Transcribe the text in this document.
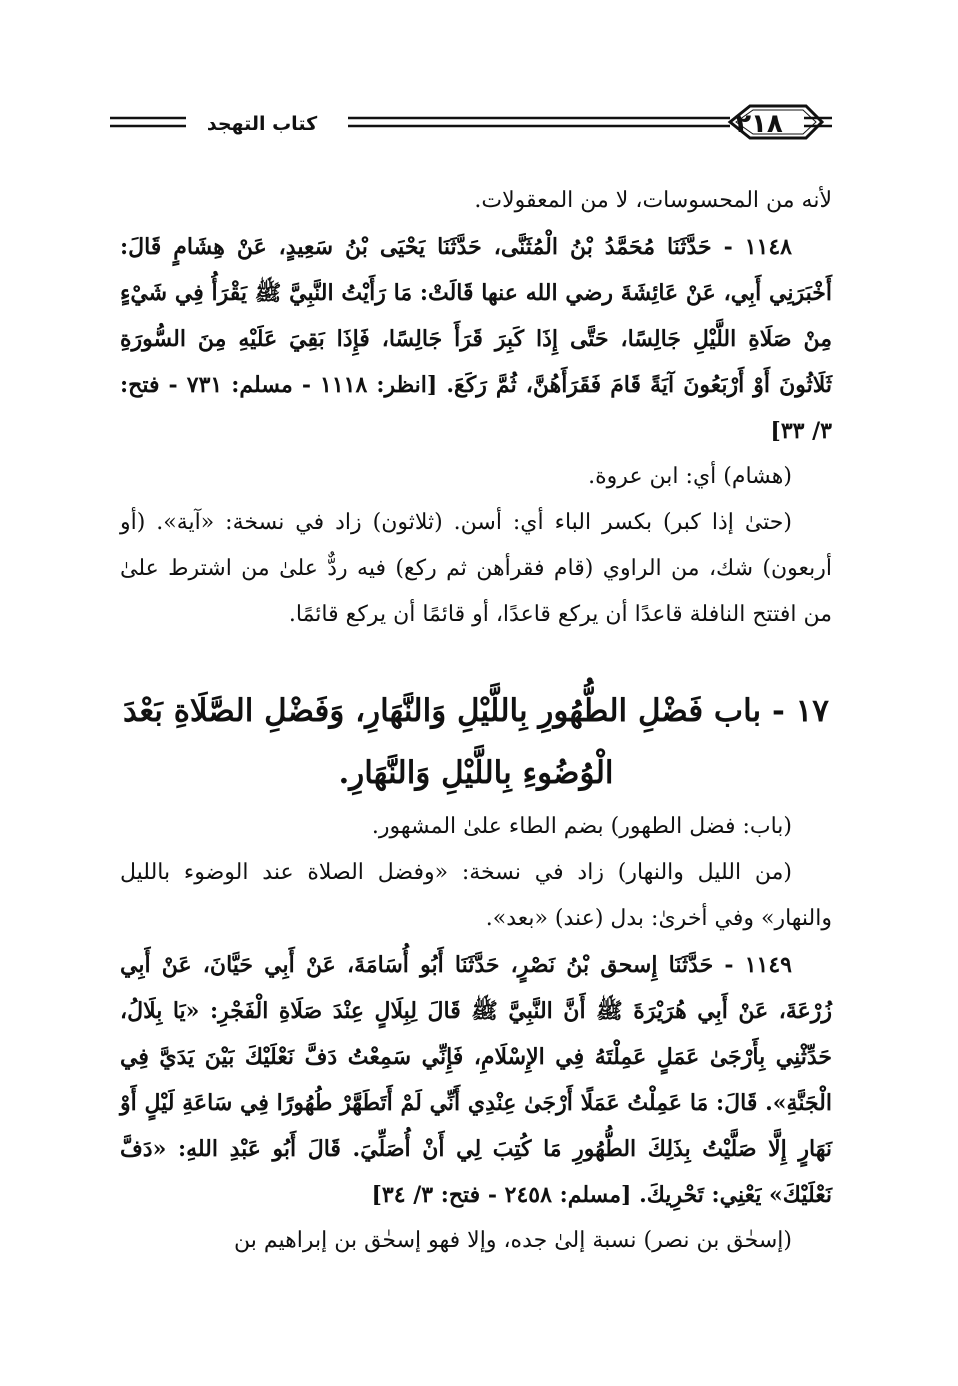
٢١٨
كتاب التهجد

لأنه من المحسوسات، لا من المعقولات.

١١٤٨ - حَدَّثَنَا مُحَمَّدُ بْنُ الْمُثَنَّى، حَدَّثَنَا يَحْيَى بْنُ سَعِيدٍ، عَنْ هِشَامٍ قَالَ: أَخْبَرَنِي أَبِي، عَنْ عَائِشَةَ رضي الله عنها قَالَتْ: مَا رَأَيْتُ النَّبِيَّ ﷺ يَقْرَأُ فِي شَيْءٍ مِنْ صَلَاةِ اللَّيْلِ جَالِسًا، حَتَّى إِذَا كَبِرَ قَرَأَ جَالِسًا، فَإِذَا بَقِيَ عَلَيْهِ مِنَ السُّورَةِ ثَلَاثُونَ أَوْ أَرْبَعُونَ آيَةً قَامَ فَقَرَأَهُنَّ، ثُمَّ رَكَعَ. [انظر: ١١١٨ - مسلم: ٧٣١ - فتح: ٣/ ٣٣]

(هشام) أي: ابن عروة.

(حتىٰ إذا كبر) بكسر الباء أي: أسن. (ثلاثون) زاد في نسخة: «آية». (أو أربعون) شك، من الراوي (قام فقرأهن ثم ركع) فيه ردٌّ علىٰ من اشترط علىٰ من افتتح النافلة قاعدًا أن يركع قاعدًا، أو قائمًا أن يركع قائمًا.

١٧ - باب فَضْلِ الطُّهُورِ بِاللَّيْلِ وَالنَّهَارِ، وَفَضْلِ الصَّلَاةِ بَعْدَ

الْوُضُوءِ بِاللَّيْلِ وَالنَّهَارِ.

(باب: فضل الطهور) بضم الطاء علىٰ المشهور.

(من الليل والنهار) زاد في نسخة: «وفضل الصلاة عند الوضوء بالليل والنهار» وفي أخرىٰ: بدل (عند) «بعد».

١١٤٩ - حَدَّثَنَا إِسحق بْنُ نَصْرٍ، حَدَّثَنَا أَبُو أُسَامَةَ، عَنْ أَبِي حَيَّانَ، عَنْ أَبِي زُرْعَةَ، عَنْ أَبِي هُرَيْرَةَ ﷺ أَنَّ النَّبِيَّ ﷺ قَالَ لِبِلَالٍ عِنْدَ صَلَاةِ الْفَجْرِ: «يَا بِلَالُ، حَدِّثْنِي بِأَرْجَىٰ عَمَلٍ عَمِلْتَهُ فِي الإِسْلَامِ، فَإِنِّي سَمِعْتُ دَفَّ نَعْلَيْكَ بَيْنَ يَدَيَّ فِي الْجَنَّةِ». قَالَ: مَا عَمِلْتُ عَمَلًا أَرْجَىٰ عِنْدِي أَنِّي لَمْ أَتَطَهَّرْ طُهُورًا فِي سَاعَةِ لَيْلٍ أَوْ نَهَارٍ إِلَّا صَلَّيْتُ بِذَلِكَ الطُّهُورِ مَا كُتِبَ لِي أَنْ أُصَلِّيَ. قَالَ أَبُو عَبْدِ اللهِ: «دَفَّ نَعْلَيْكَ» يَعْنِي: تَحْرِيكَ. [مسلم: ٢٤٥٨ - فتح: ٣/ ٣٤]

(إسحٰق بن نصر) نسبة إلىٰ جده، وإلا فهو إسحٰق بن إبراهيم بن
